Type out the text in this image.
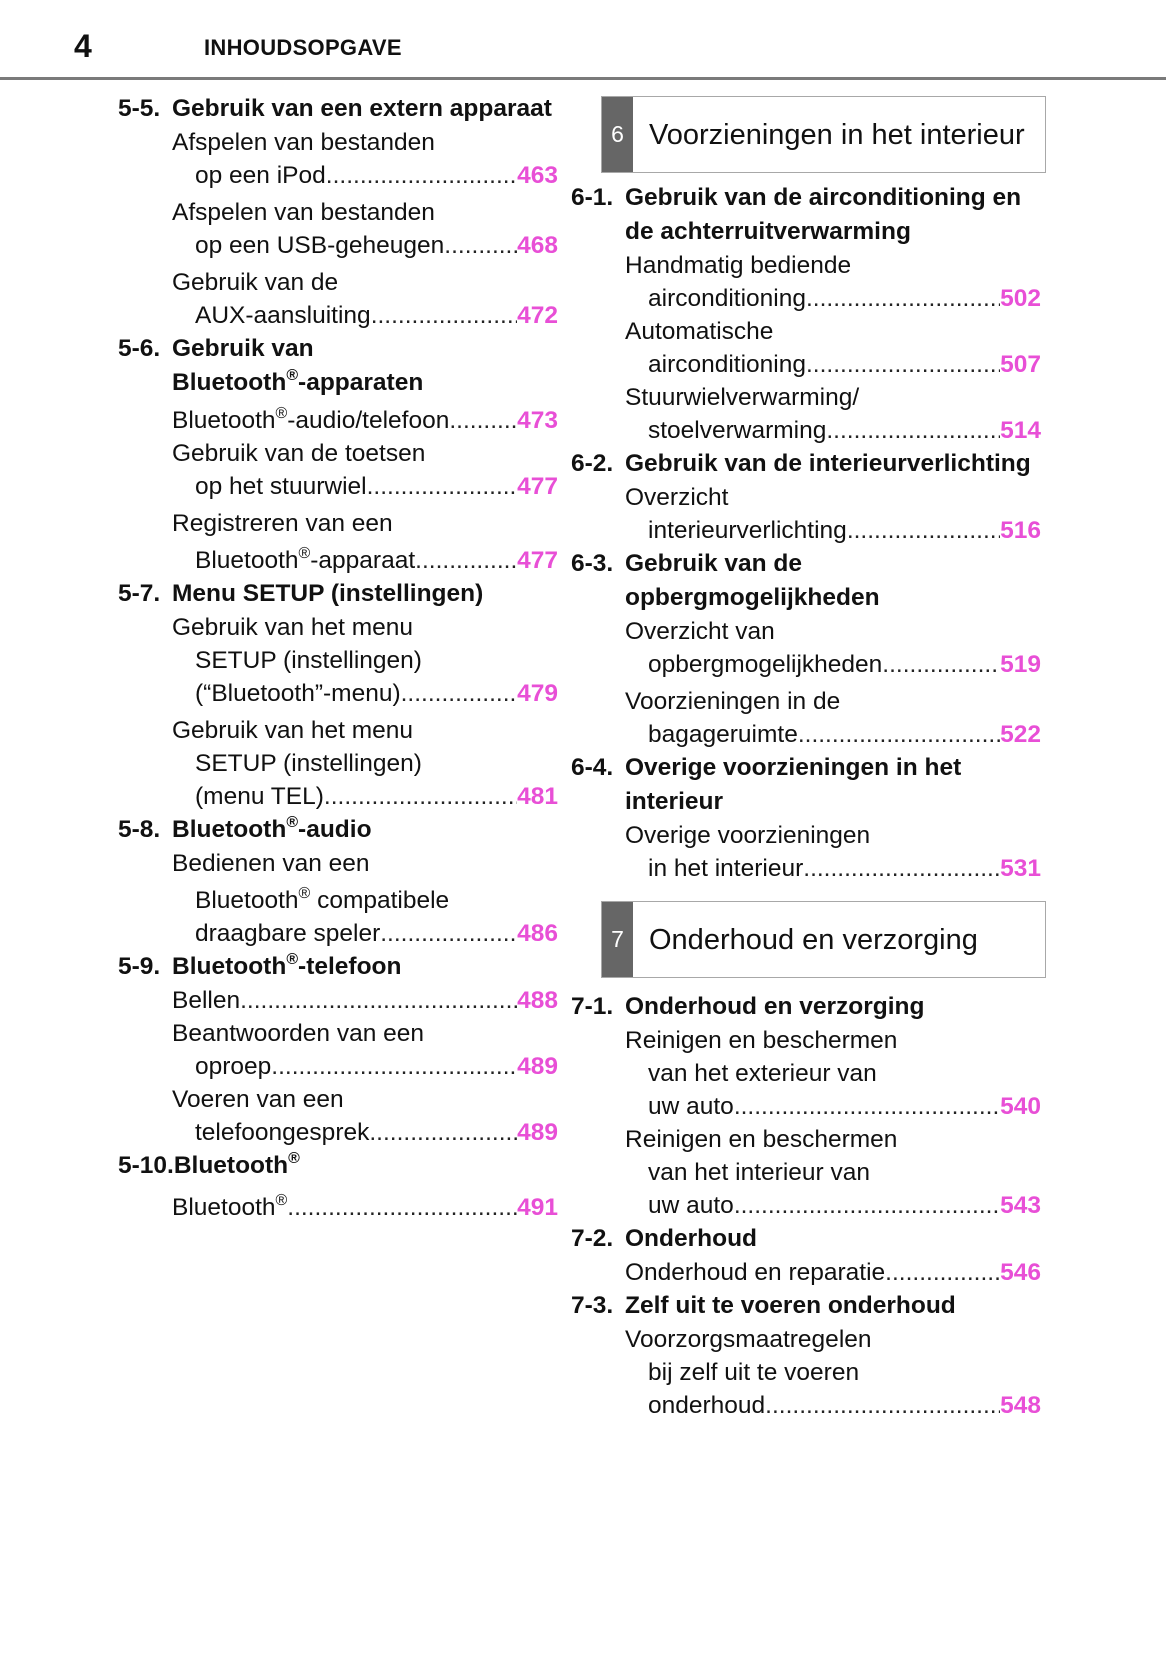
4	INHOUDSOPGAVE
5-5. Gebruik van een extern apparaat
Afspelen van bestanden
op een iPod .....	463
Afspelen van bestanden
op een USB-geheugen .....	468
Gebruik van de
AUX-aansluiting .....	472
5-6. Gebruik van
Bluetooth®-apparaten
Bluetooth®-audio/telefoon .....	473
Gebruik van de toetsen
op het stuurwiel .....	477
Registreren van een
Bluetooth®-apparaat .....	477
5-7. Menu SETUP (instellingen)
Gebruik van het menu
SETUP (instellingen)
(“Bluetooth”-menu) .....	479
Gebruik van het menu
SETUP (instellingen)
(menu TEL) .....	481
5-8. Bluetooth®-audio
Bedienen van een
Bluetooth® compatibele
draagbare speler .....	486
5-9. Bluetooth®-telefoon
Bellen .....	488
Beantwoorden van een
oproep .....	489
Voeren van een
telefoongesprek .....	489
5-10.Bluetooth®
Bluetooth® .....	491
6 Voorzieningen in het interieur
6-1. Gebruik van de airconditioning en de achterruitverwarming
Handmatig bediende
airconditioning .....	502
Automatische
airconditioning .....	507
Stuurwielverwarming/
stoelverwarming .....	514
6-2. Gebruik van de interieurverlichting
Overzicht
interieurverlichting .....	516
6-3. Gebruik van de opbergmogelijkheden
Overzicht van
opbergmogelijkheden .....	519
Voorzieningen in de
bagageruimte .....	522
6-4. Overige voorzieningen in het interieur
Overige voorzieningen
in het interieur .....	531
7 Onderhoud en verzorging
7-1. Onderhoud en verzorging
Reinigen en beschermen
van het exterieur van
uw auto .....	540
Reinigen en beschermen
van het interieur van
uw auto .....	543
7-2. Onderhoud
Onderhoud en reparatie .....	546
7-3. Zelf uit te voeren onderhoud
Voorzorgsmaatregelen
bij zelf uit te voeren
onderhoud .....	548
